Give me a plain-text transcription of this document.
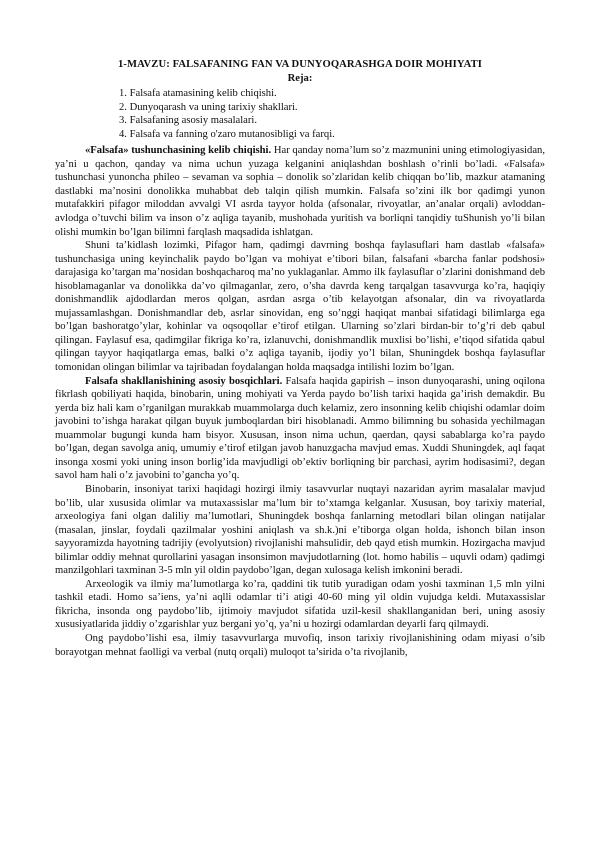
1-MAVZU: FALSAFANING FAN VA DUNYOQARASHGA DOIR MOHIYATI
Reja:
1. Falsafa atamasining kelib chiqishi.
2. Dunyoqarash va uning tarixiy shakllari.
3. Falsafaning asosiy masalalari.
4. Falsafa va fanning o'zaro mutanosibligi va farqi.

«Falsafa» tushunchasining kelib chiqishi. Har qanday noma’lum so’z mazmunini uning etimologiyasidan, ya’ni u qachon, qanday va nima uchun yuzaga kelganini aniqlashdan boshlash o’rinli bo’ladi. «Falsafa» tushunchasi yunoncha phileo – sevaman va sophia – donolik so’zlaridan kelib chiqqan bo’lib, mazkur atamaning dastlabki ma’nosini donolikka muhabbat deb talqin qilish mumkin. Falsafa so’zini ilk bor qadimgi yunon mutafakkiri pifagor miloddan avvalgi VI asrda tayyor holda (afsonalar, rivoyatlar, an’analar orqali) avloddan-avlodga o’tuvchi bilim va inson o’z aqliga tayanib, mushohada yuritish va borliqni tanqidiy tuShunish yo’li bilan olishi mumkin bo’lgan bilimni farqlash maqsadida ishlatgan.

Shuni ta’kidlash lozimki, Pifagor ham, qadimgi davrning boshqa faylasuflari ham dastlab «falsafa» tushunchasiga uning keyinchalik paydo bo’lgan va mohiyat e’tibori bilan, falsafani «barcha fanlar podshosi» darajasiga ko’targan ma’nosidan boshqacharoq ma’no yuklaganlar. Ammo ilk faylasuflar o’zlarini donishmand deb hisoblamaganlar va donolikka da’vo qilmaganlar, zero, o’sha davrda keng tarqalgan tasavvurga ko’ra, haqiqiy donishmandlik ajdodlardan meros qolgan, asrdan asrga o’tib kelayotgan afsonalar, din va rivoyatlarda mujassamlashgan. Donishmandlar deb, asrlar sinovidan, eng so’nggi haqiqat manbai sifatidagi bilimlarga ega bo’lgan bashoratgo’ylar, kohinlar va oqsoqollar e’tirof etilgan. Ularning so’zlari birdan-bir to’g’ri deb qabul qilingan. Faylasuf esa, qadimgilar fikriga ko’ra, izlanuvchi, donishmandlik muxlisi bo’lishi, e’tiqod sifatida qabul qilingan tayyor haqiqatlarga emas, balki o’z aqliga tayanib, ijodiy yo’l bilan, Shuningdek boshqa faylasuflar tomonidan olingan bilimlar va tajribadan foydalangan holda maqsadga intilishi lozim bo’lgan.

Falsafa shakllanishining asosiy bosqichlari. Falsafa haqida gapirish – inson dunyoqarashi, uning oqilona fikrlash qobiliyati haqida, binobarin, uning mohiyati va Yerda paydo bo’lish tarixi haqida ga’irish demakdir. Bu yerda biz hali kam o’rganilgan murakkab muammolarga duch kelamiz, zero insonning kelib chiqishi odamlar doim javobini to’ishga harakat qilgan buyuk jumboqlardan biri hisoblanadi. Ammo bilimning bu sohasida yechilmagan muammolar bugungi kunda ham bisyor. Xususan, inson nima uchun, qaerdan, qaysi sabablarga ko’ra paydo bo’lgan, degan savolga aniq, umumiy e’tirof etilgan javob hanuzgacha mavjud emas. Xuddi Shuningdek, aql faqat insonga xosmi yoki uning inson borlig’ida mavjudligi ob’ektiv borliqning bir parchasi, ayrim hodisasimi?, degan savol ham hali o’z javobini to’gancha yo’q.

Binobarin, insoniyat tarixi haqidagi hozirgi ilmiy tasavvurlar nuqtayi nazaridan ayrim masalalar mavjud bo’lib, ular xususida olimlar va mutaxassislar ma’lum bir to’xtamga kelganlar. Xususan, boy tarixiy material, arxeologiya fani olgan daliliy ma’lumotlari, Shuningdek boshqa fanlarning metodlari bilan olingan natijalar (masalan, jinslar, foydali qazilmalar yoshini aniqlash va sh.k.)ni e’tiborga olgan holda, ishonch bilan inson sayyoramizda hayotning tadrijiy (evolyutsion) rivojlanishi mahsulidir, deb qayd etish mumkin. Hozirgacha mavjud bilimlar oddiy mehnat qurollarini yasagan insonsimon mavjudotlarning (lot. homo habilis – uquvli odam) qadimgi manzilgohlari taxminan 3-5 mln yil oldin paydobo’lgan, degan xulosaga kelish imkonini beradi.

Arxeologik va ilmiy ma’lumotlarga ko’ra, qaddini tik tutib yuradigan odam yoshi taxminan 1,5 mln yilni tashkil etadi. Homo sa’iens, ya’ni aqlli odamlar ti’i atigi 40-60 ming yil oldin vujudga keldi. Mutaxassislar fikricha, insonda ong paydobo’lib, ijtimoiy mavjudot sifatida uzil-kesil shakllanganidan beri, uning asosiy xususiyatlarida jiddiy o’zgarishlar yuz bergani yo’q, ya’ni u hozirgi odamlardan deyarli farq qilmaydi.

Ong paydobo’lishi esa, ilmiy tasavvurlarga muvofiq, inson tarixiy rivojlanishining odam miyasi o’sib borayotgan mehnat faolligi va verbal (nutq orqali) muloqot ta’sirida o’ta rivojlanib,
